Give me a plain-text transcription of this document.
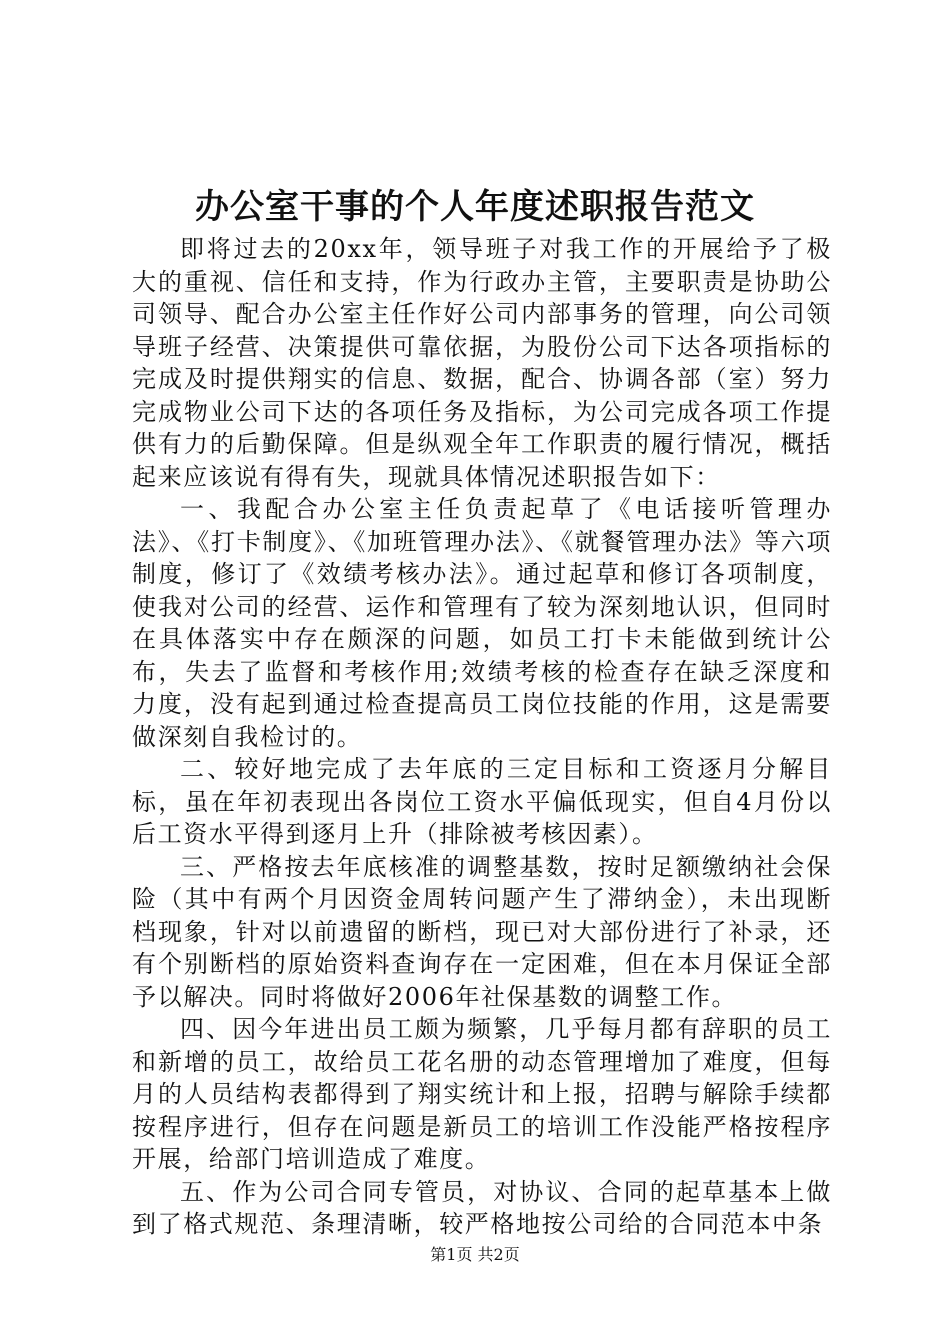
办公室干事的个人年度述职报告范文

即将过去的20xx年，领导班子对我工作的开展给予了极大的重视、信任和支持，作为行政办主管，主要职责是协助公司领导、配合办公室主任作好公司内部事务的管理，向公司领导班子经营、决策提供可靠依据，为股份公司下达各项指标的完成及时提供翔实的信息、数据，配合、协调各部（室）努力完成物业公司下达的各项任务及指标，为公司完成各项工作提供有力的后勤保障。但是纵观全年工作职责的履行情况，概括起来应该说有得有失，现就具体情况述职报告如下：

一、我配合办公室主任负责起草了《电话接听管理办法》、《打卡制度》、《加班管理办法》、《就餐管理办法》等六项制度，修订了《效绩考核办法》。通过起草和修订各项制度，使我对公司的经营、运作和管理有了较为深刻地认识，但同时在具体落实中存在颇深的问题，如员工打卡未能做到统计公布，失去了监督和考核作用;效绩考核的检查存在缺乏深度和力度，没有起到通过检查提高员工岗位技能的作用，这是需要做深刻自我检讨的。

二、较好地完成了去年底的三定目标和工资逐月分解目标，虽在年初表现出各岗位工资水平偏低现实，但自4月份以后工资水平得到逐月上升（排除被考核因素）。

三、严格按去年底核准的调整基数，按时足额缴纳社会保险（其中有两个月因资金周转问题产生了滞纳金），未出现断档现象，针对以前遗留的断档，现已对大部份进行了补录，还有个别断档的原始资料查询存在一定困难，但在本月保证全部予以解决。同时将做好2006年社保基数的调整工作。

四、因今年进出员工颇为频繁，几乎每月都有辞职的员工和新增的员工，故给员工花名册的动态管理增加了难度，但每月的人员结构表都得到了翔实统计和上报，招聘与解除手续都按程序进行，但存在问题是新员工的培训工作没能严格按程序开展，给部门培训造成了难度。

五、作为公司合同专管员，对协议、合同的起草基本上做到了格式规范、条理清晰，较严格地按公司给的合同范本中条

第1页 共2页
